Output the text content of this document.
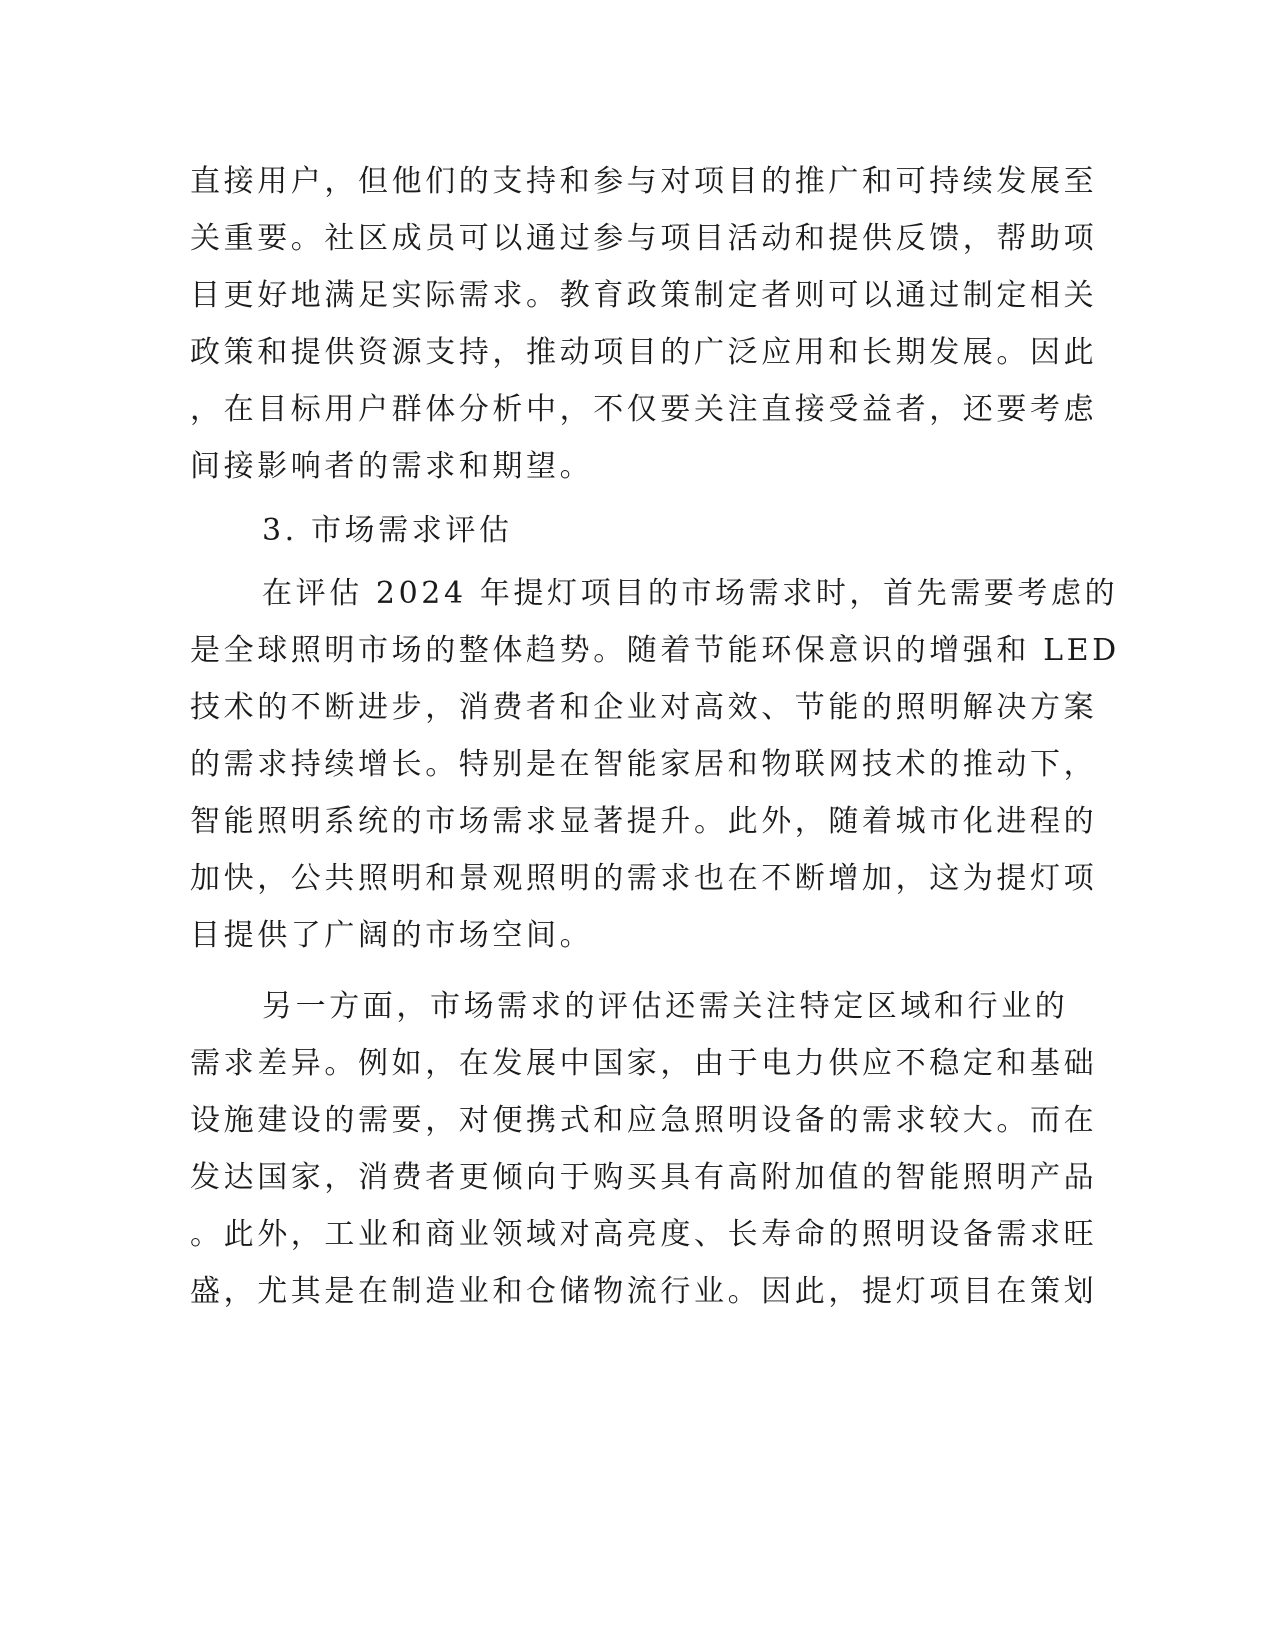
直接用户，但他们的支持和参与对项目的推广和可持续发展至
关重要。社区成员可以通过参与项目活动和提供反馈，帮助项
目更好地满足实际需求。教育政策制定者则可以通过制定相关
政策和提供资源支持，推动项目的广泛应用和长期发展。因此
，在目标用户群体分析中，不仅要关注直接受益者，还要考虑
间接影响者的需求和期望。
3. 市场需求评估
在评估 2024 年提灯项目的市场需求时，首先需要考虑的
是全球照明市场的整体趋势。随着节能环保意识的增强和 LED
技术的不断进步，消费者和企业对高效、节能的照明解决方案
的需求持续增长。特别是在智能家居和物联网技术的推动下，
智能照明系统的市场需求显著提升。此外，随着城市化进程的
加快，公共照明和景观照明的需求也在不断增加，这为提灯项
目提供了广阔的市场空间。
另一方面，市场需求的评估还需关注特定区域和行业的
需求差异。例如，在发展中国家，由于电力供应不稳定和基础
设施建设的需要，对便携式和应急照明设备的需求较大。而在
发达国家，消费者更倾向于购买具有高附加值的智能照明产品
。此外，工业和商业领域对高亮度、长寿命的照明设备需求旺
盛，尤其是在制造业和仓储物流行业。因此，提灯项目在策划
